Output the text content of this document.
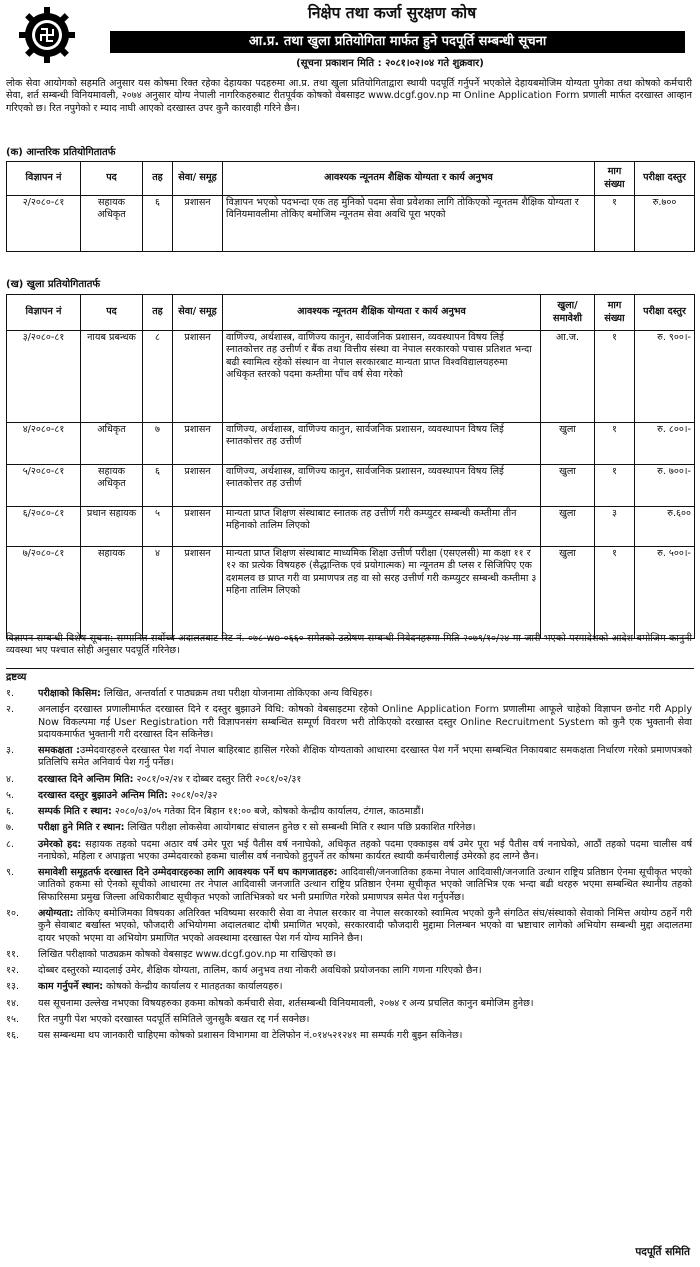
निक्षेप तथा कर्जा सुरक्षण कोष
आ.प्र. तथा खुला प्रतियोगिता मार्फत हुने पदपूर्ति सम्बन्धी सूचना
(सूचना प्रकाशन मिति : २०८१।०२।०४ गते शुक्रवार)
लोक सेवा आयोगको सहमति अनुसार यस कोषमा रिक्त रहेका देहायका पदहरुमा आ.प्र. तथा खुला प्रतियोगिताद्वारा स्थायी पदपूर्ति गर्नुपर्ने भएकोले देहायबमोजिम योग्यता पुगेका तथा कोषको कर्मचारी सेवा, शर्त सम्बन्धी विनियमावली, २०७४ अनुसार योग्य नेपाली नागरिकहरुबाट रीतपूर्वक कोषको वेबसाइट www.dcgf.gov.np मा Online Application Form प्रणाली मार्फत दरखास्त आव्हान गरिएको छ। रित नपुगेको र म्याद नाघी आएको दरखास्त उपर कुनै कारवाही गरिने छैन।
(क) आन्तरिक प्रतियोगितातर्फ
विज्ञापन नं	पद	तह	सेवा/ समूह	आवश्यक न्यूनतम शैक्षिक योग्यता र कार्य अनुभव	माग संख्या	परीक्षा दस्तुर
२/२०८०-८१	सहायक अधिकृत	६	प्रशासन	विज्ञापन भएको पदभन्दा एक तह मुनिको पदमा सेवा प्रवेशका लागि तोकिएको न्यूनतम शैक्षिक योग्यता र विनियमावलीमा तोकिए बमोजिम न्यूनतम सेवा अवधि पूरा भएको	१	रु.७००
(ख) खुला प्रतियोगितातर्फ
विज्ञापन नं	पद	तह	सेवा/ समूह	आवश्यक न्यूनतम शैक्षिक योग्यता र कार्य अनुभव	खुला/ समावेशी	माग संख्या	परीक्षा दस्तुर
३/२०८०-८१	नायब प्रबन्धक	८	प्रशासन	वाणिज्य, अर्थशास्त्र, वाणिज्य कानुन, सार्वजनिक प्रशासन, व्यवस्थापन विषय लिई स्नातकोत्तर तह उत्तीर्ण र बैंक तथा वित्तीय संस्था वा नेपाल सरकारको पचास प्रतिशत भन्दा बढी स्वामित्व रहेको संस्थान वा नेपाल सरकारबाट मान्यता प्राप्त विश्वविद्यालयहरुमा अधिकृत स्तरको पदमा कम्तीमा पाँच वर्ष सेवा गरेको	आ.ज.	१	रु. ९००।-
४/२०८०-८१	अधिकृत	७	प्रशासन	वाणिज्य, अर्थशास्त्र, वाणिज्य कानुन, सार्वजनिक प्रशासन, व्यवस्थापन विषय लिई स्नातकोत्तर तह उत्तीर्ण	खुला	१	रु. ८००।-
५/२०८०-८१	सहायक अधिकृत	६	प्रशासन	वाणिज्य, अर्थशास्त्र, वाणिज्य कानुन, सार्वजनिक प्रशासन, व्यवस्थापन विषय लिई स्नातकोत्तर तह उत्तीर्ण	खुला	१	रु. ७००।-
६/२०८०-८१	प्रधान सहायक	५	प्रशासन	मान्यता प्राप्त शिक्षण संस्थाबाट स्नातक तह उत्तीर्ण गरी कम्प्युटर सम्बन्धी कम्तीमा तीन महिनाको तालिम लिएको	खुला	३	रु.६००
७/२०८०-८१	सहायक	४	प्रशासन	मान्यता प्राप्त शिक्षण संस्थाबाट माध्यमिक शिक्षा उत्तीर्ण परीक्षा (एसएलसी) मा कक्षा ११ र १२ का प्रत्येक विषयहरु (सैद्धान्तिक एवं प्रयोगात्मक) मा न्यूनतम डी प्लस र सिजिपिए एक दशमलव छ प्राप्त गरी वा प्रमाणपत्र तह वा सो सरह उत्तीर्ण गरी कम्प्युटर सम्बन्धी कम्तीमा ३ महिना तालिम लिएको	खुला	१	रु. ५००।-
विज्ञापन सम्बन्धी विशेष सूचना: सम्मानित सर्वोच्च अदालतबाट रिट नं. ०७८-wo-०६६० समेतको उत्प्रेषण सम्बन्धी निवेदनहरुमा मिति २०७९/१०/२४ मा जारी भएको परमादेशको आदेश बमोजिम कानुनी व्यवस्था भए पश्चात सोही अनुसार पदपूर्ति गरिनेछ।
द्रष्टव्य
१.	परीक्षाको किसिम: लिखित, अन्तर्वार्ता र पाठ्यक्रम तथा परीक्षा योजनामा तोकिएका अन्य विधिहरु।
२.	अनलाईन दरखास्त प्रणालीमार्फत दरखास्त दिने र दस्तुर बुझाउने विधि: कोषको वेबसाइटमा रहेको Online Application Form प्रणालीमा आफूले चाहेको विज्ञापन छनोट गरी Apply Now विकल्पमा गई User Registration गरी विज्ञापनसंग सम्बन्धित सम्पूर्ण विवरण भरी तोकिएको दरखास्त दस्तुर Online Recruitment System को कुनै एक भुक्तानी सेवा प्रदायकमार्फत भुक्तानी गरी दरखास्त दिन सकिनेछ।
३.	समकक्षता :उम्मेदवारहरुले दरखास्त पेश गर्दा नेपाल बाहिरबाट हासिल गरेको शैक्षिक योग्यताको आधारमा दरखास्त पेश गर्ने भएमा सम्बन्धित निकायबाट समकक्षता निर्धारण गरेको प्रमाणपत्रको प्रतिलिपि समेत अनिवार्य पेश गर्नु पर्नेछ।
४.	दरखास्त दिने अन्तिम मिति: २०८१/०२/२४ र दोब्बर दस्तुर तिरी २०८१/०२/३१
५.	दरखास्त दस्तुर बुझाउने अन्तिम मिति: २०८१/०२/३२
६.	सम्पर्क मिति र स्थान: २०८०/०३/०५ गतेका दिन बिहान ११:०० बजे, कोषको केन्द्रीय कार्यालय, टंगाल, काठमाडौं।
७.	परीक्षा हुने मिति र स्थान: लिखित परीक्षा लोकसेवा आयोगबाट संचालन हुनेछ र सो सम्बन्धी मिति र स्थान पछि प्रकाशित गरिनेछ।
८.	उमेरको हद: सहायक तहको पदमा अठार वर्ष उमेर पूरा भई पैतीस वर्ष ननाघेको, अधिकृत तहको पदमा एक्काइस वर्ष उमेर पूरा भई पैतीस वर्ष ननाघेको, आठौं तहको पदमा चालीस वर्ष ननाघेको, महिला र अपाङ्गता भएका उम्मेदवारको हकमा चालीस वर्ष ननाघेको हुनुपर्ने तर कोषमा कार्यरत स्थायी कर्मचारीलाई उमेरको हद लाग्ने छैन।
९.	समावेशी समूहतर्फ दरखास्त दिने उम्मेदवारहरुका लागि आवश्यक पर्ने थप कागजातहरु: आदिवासी/जनजातिका हकमा नेपाल आदिवासी/जनजाति उत्थान राष्ट्रिय प्रतिष्ठान ऐनमा सूचीकृत भएको जातिको हकमा सो ऐनको सूचीको आधारमा तर नेपाल आदिवासी जनजाति उत्थान राष्ट्रिय प्रतिष्ठान ऐनमा सूचीकृत भएको जातिभित्र एक भन्दा बढी थरहरु भएमा सम्बन्धित स्थानीय तहको सिफारिसमा प्रमुख जिल्ला अधिकारीबाट सूचीकृत भएको जातिभित्रको थर भनी प्रमाणित गरेको प्रमाणपत्र समेत पेश गर्नुपर्नेछ।
१०.	अयोग्यता: तोकिए बमोजिमका विषयका अतिरिक्त भविष्यमा सरकारी सेवा वा नेपाल सरकार वा नेपाल सरकारको स्वामित्व भएको कुनै संगठित संघ/संस्थाको सेवाको निमित्त अयोग्य ठहर्ने गरी कुनै सेवाबाट बर्खास्त भएको, फौजदारी अभियोगमा अदालतबाट दोषी प्रमाणित भएको, सरकारवादी फौजदारी मुद्दामा निलम्बन भएको वा भ्रष्टाचार लागेको अभियोग सम्बन्धी मुद्दा अदालतमा दायर भएको भएमा वा अभियोग प्रमाणित भएको अवस्थामा दरखास्त पेश गर्न योग्य मानिने छैन।
११.	लिखित परीक्षाको पाठ्यक्रम कोषको वेबसाइट www.dcgf.gov.np मा राखिएको छ।
१२.	दोब्बर दस्तुरको म्यादलाई उमेर, शैक्षिक योग्यता, तालिम, कार्य अनुभव तथा नोकरी अवधिको प्रयोजनका लागि गणना गरिएको छैन।
१३.	काम गर्नुपर्ने स्थान: कोषको केन्द्रीय कार्यालय र मातहतका कार्यालयहरु।
१४.	यस सूचनामा उल्लेख नभएका विषयहरुका हकमा कोषको कर्मचारी सेवा, शर्तसम्बन्धी विनियमावली, २०७४ र अन्य प्रचलित कानुन बमोजिम हुनेछ।
१५.	रित नपुगी पेश भएको दरखास्त पदपूर्ति समितिले जुनसुकै बखत रद्द गर्न सक्नेछ।
१६.	यस सम्बन्धमा थप जानकारी चाहिएमा कोषको प्रशासन विभागमा वा टेलिफोन नं.०१४५२१२४१ मा सम्पर्क गरी बुझ्न सकिनेछ।
पदपूर्ति समिति
